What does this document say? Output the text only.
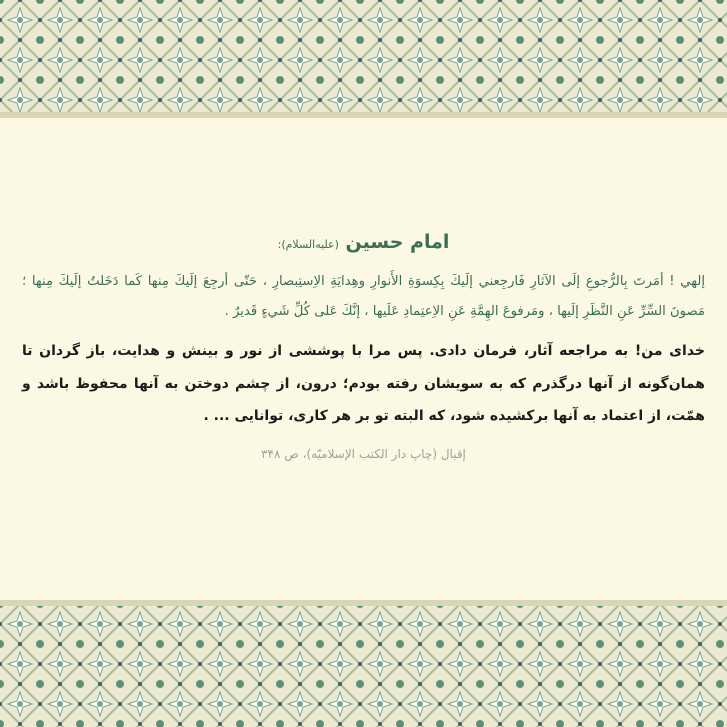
امام حسین (علیه‌السلام):

إلهي ! أمَرتَ بِالرُّجوعِ إلَى الآثارِ فَارجِعني إلَيكَ بِكِسوَةِ الأَنوارِ وهِدايَةِ الاِستِبصارِ ، حَتّى أرجِعَ إلَيكَ مِنها كَما دَخَلتُ إلَيكَ مِنها ؛ مَصونَ السِّرِّ عَنِ النَّظَرِ إلَيها ، ومَرفوعَ الهِمَّةِ عَنِ الاِعتِمادِ عَلَيها ، إنَّكَ عَلى كُلِّ شَيءٍ قَديرٌ .

خدای من! به مراجعه آثار، فرمان دادی. پس مرا با پوششی از نور و بینش و هدایت، باز گردان تا همان‌گونه از آنها درگذرم که به سویشان رفته بودم؛ درون، از چشم دوختن به آنها محفوظ باشد و همّت، از اعتماد به آنها برکشیده شود، که البته تو بر هر کاری، توانایی ... .

إقبال (چاپ دار الکتب الإسلامیّه)، ص ۳۴۸
